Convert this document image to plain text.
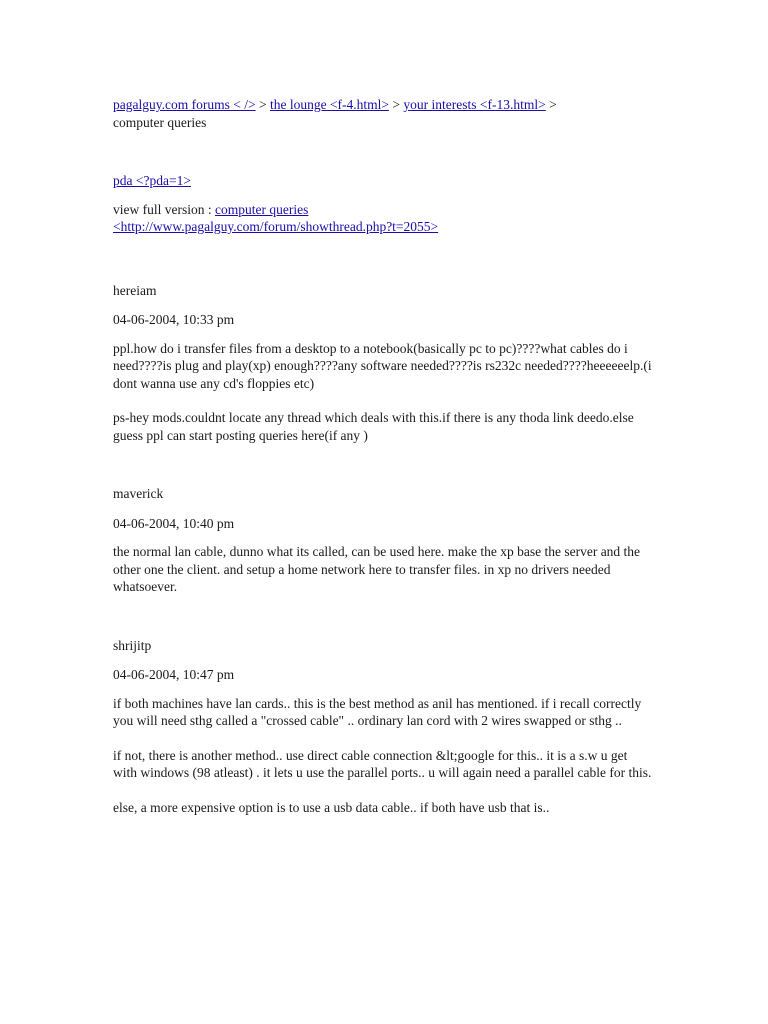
pagalguy.com forums < /> > the lounge <f-4.html> > your interests <f-13.html> >
computer queries
pda <?pda=1>
view full version : computer queries
<http://www.pagalguy.com/forum/showthread.php?t=2055>
hereiam
04-06-2004, 10:33 pm

ppl.how do i transfer files from a desktop to a notebook(basically pc to pc)????what cables do i need????is plug and play(xp) enough????any software needed????is rs232c needed????heeeeeelp.(i dont wanna use any cd's floppies etc)

ps-hey mods.couldnt locate any thread which deals with this.if there is any thoda link deedo.else guess ppl can start posting queries here(if any )

maverick
04-06-2004, 10:40 pm

the normal lan cable, dunno what its called, can be used here. make the xp base the server and the other one the client. and setup a home network here to transfer files. in xp no drivers needed whatsoever.

shrijitp
04-06-2004, 10:47 pm

if both machines have lan cards.. this is the best method as anil has mentioned. if i recall correctly you will need sthg called a "crossed cable" .. ordinary lan cord with 2 wires swapped or sthg ..

if not, there is another method.. use direct cable connection &lt;google for this.. it is a s.w u get with windows (98 atleast) . it lets u use the parallel ports.. u will again need a parallel cable for this.

else, a more expensive option is to use a usb data cable.. if both have usb that is..
